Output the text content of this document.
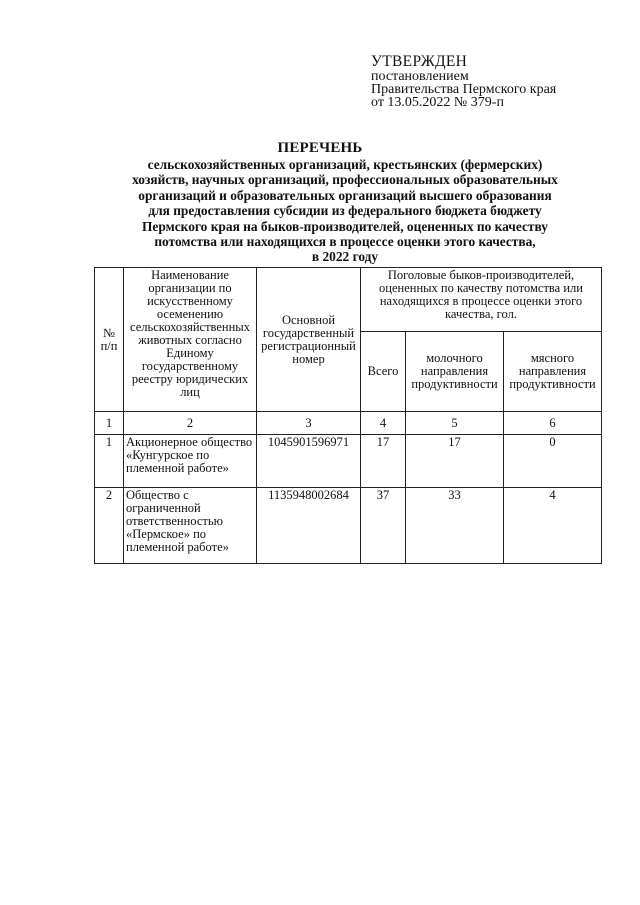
УТВЕРЖДЕН
постановлением
Правительства Пермского края
от 13.05.2022 № 379-п
ПЕРЕЧЕНЬ
сельскохозяйственных организаций, крестьянских (фермерских)
хозяйств, научных организаций, профессиональных образовательных
организаций и образовательных организаций высшего образования
для предоставления субсидии из федерального бюджета бюджету
Пермского края на быков-производителей, оцененных по качеству
потомства или находящихся в процессе оценки этого качества,
в 2022 году
№ п/п	Наименование организации по искусственному осеменению сельскохозяйственных животных согласно Единому государственному реестру юридических лиц	Основной государственный регистрационный номер	Поголовые быков-производителей, оцененных по качеству потомства или находящихся в процессе оценки этого качества, гол.		
			Всего	молочного направления продуктивности	мясного направления продуктивности
1	2	3	4	5	6
1	Акционерное общество «Кунгурское по племенной работе»	1045901596971	17	17	0
2	Общество с ограниченной ответственностью «Пермское» по племенной работе»	1135948002684	37	33	4
